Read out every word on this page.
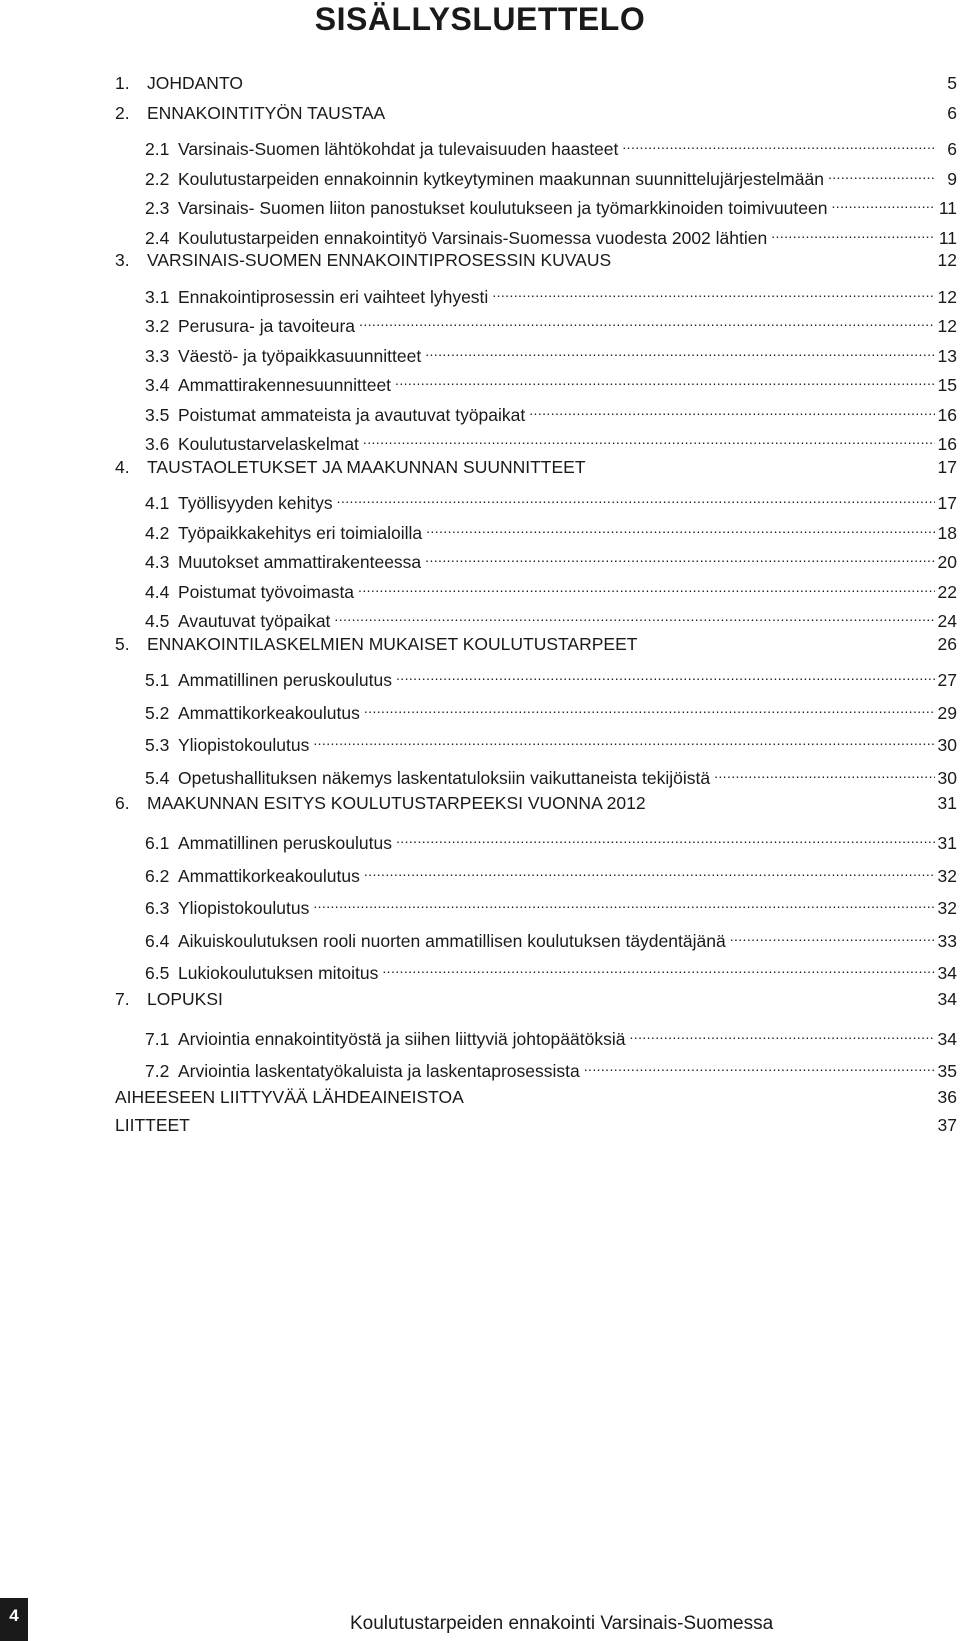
SISÄLLYSLUETTELO
1. JOHDANTO	5
2. ENNAKOINTITYÖN TAUSTAA	6
2.1 Varsinais-Suomen lähtökohdat ja tulevaisuuden haasteet .....	6
2.2 Koulutustarpeiden ennakoinnin kytkeytyminen maakunnan suunnittelujärjestelmään .....	9
2.3 Varsinais- Suomen liiton panostukset koulutukseen ja työmarkkinoiden toimivuuteen .....	11
2.4 Koulutustarpeiden ennakointityö Varsinais-Suomessa vuodesta 2002 lähtien .....	11
3. VARSINAIS-SUOMEN ENNAKOINTIPROSESSIN KUVAUS	12
3.1 Ennakointiprosessin eri vaihteet lyhyesti .....	12
3.2 Perusura- ja tavoiteura .....	12
3.3 Väestö- ja työpaikkasuunnitteet .....	13
3.4 Ammattirakennesuunnitteet .....	15
3.5 Poistumat ammateista ja avautuvat työpaikat .....	16
3.6 Koulutustarvelaskelmat .....	16
4. TAUSTAOLETUKSET JA MAAKUNNAN SUUNNITTEET	17
4.1 Työllisyyden kehitys .....	17
4.2 Työpaikkakehitys eri toimialoilla .....	18
4.3 Muutokset ammattirakenteessa .....	20
4.4 Poistumat työvoimasta .....	22
4.5 Avautuvat työpaikat .....	24
5. ENNAKOINTILASKELMIEN MUKAISET KOULUTUSTARPEET	26
5.1 Ammatillinen peruskoulutus .....	27
5.2 Ammattikorkeakoulutus .....	29
5.3 Yliopistokoulutus .....	30
5.4 Opetushallituksen näkemys laskentatuloksiin vaikuttaneista tekijöistä .....	30
6. MAAKUNNAN ESITYS KOULUTUSTARPEEKSI VUONNA 2012	31
6.1 Ammatillinen peruskoulutus .....	31
6.2 Ammattikorkeakoulutus .....	32
6.3 Yliopistokoulutus .....	32
6.4 Aikuiskoulutuksen rooli nuorten ammatillisen koulutuksen täydentäjänä .....	33
6.5 Lukiokoulutuksen mitoitus .....	34
7. LOPUKSI	34
7.1 Arviointia ennakointityöstä ja siihen liittyviä johtopäätöksiä .....	34
7.2 Arviointia laskentatyökaluista ja laskentaprosessista .....	35
AIHEESEEN LIITTYVÄÄ LÄHDEAINEISTOA	36
LIITTEET	37
4	Koulutustarpeiden ennakointi Varsinais-Suomessa
